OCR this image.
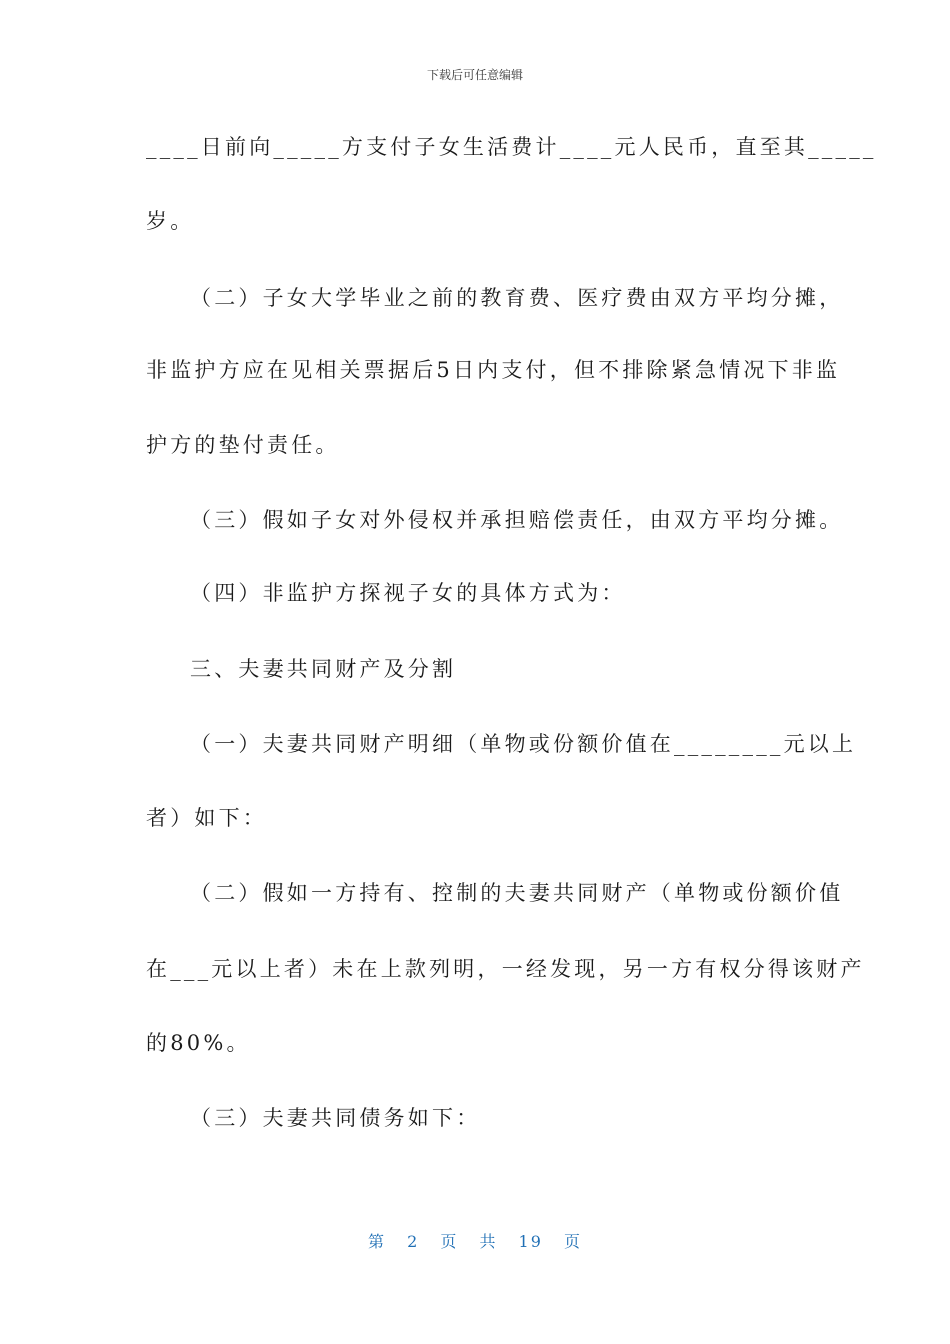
下载后可任意编辑
____日前向_____方支付子女生活费计____元人民币，直至其_____
岁。
（二）子女大学毕业之前的教育费、医疗费由双方平均分摊，
非监护方应在见相关票据后5日内支付，但不排除紧急情况下非监
护方的垫付责任。
（三）假如子女对外侵权并承担赔偿责任，由双方平均分摊。
（四）非监护方探视子女的具体方式为：
三、夫妻共同财产及分割
（一）夫妻共同财产明细（单物或份额价值在________元以上
者）如下：
（二）假如一方持有、控制的夫妻共同财产（单物或份额价值
在___元以上者）未在上款列明，一经发现，另一方有权分得该财产
的80%。
（三）夫妻共同债务如下：
第 2 页 共 19 页
